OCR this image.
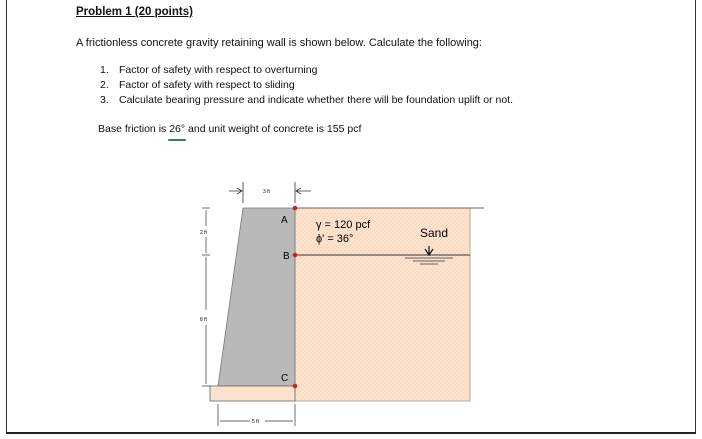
Problem 1 (20 points)
A frictionless concrete gravity retaining wall is shown below. Calculate the following:
1. Factor of safety with respect to overturning
2. Factor of safety with respect to sliding
3. Calculate bearing pressure and indicate whether there will be foundation uplift or not.
Base friction is 26° and unit weight of concrete is 155 pcf
A
B
C
3 ft
2 ft
8 ft
5 ft
γ = 120 pcf
ϕ' = 36°	Sand
